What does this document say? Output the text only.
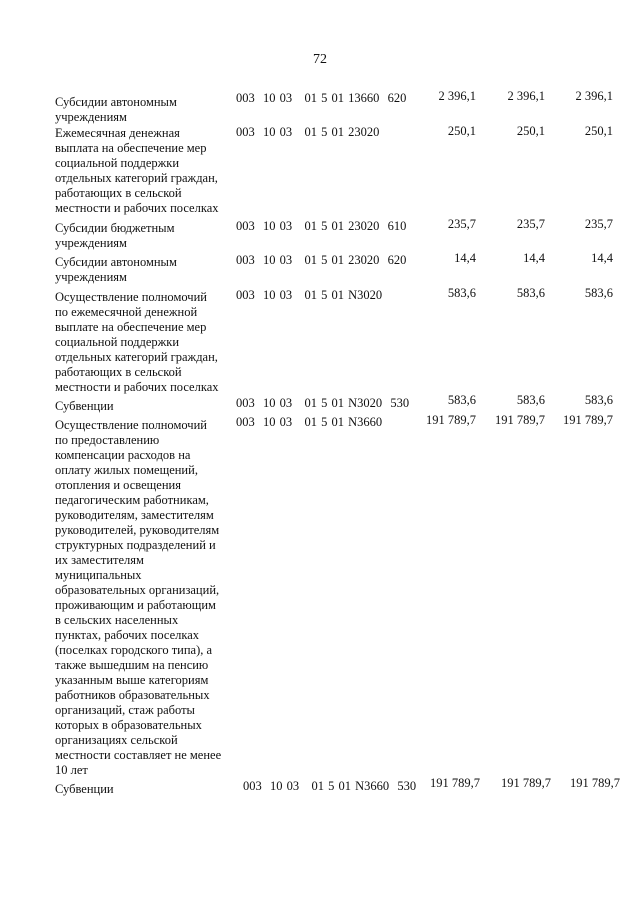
72
Субсидии автономным
учреждениям
003  10 03   01 5 01 13660  620	2 396,1	2 396,1	2 396,1
Ежемесячная денежная
выплата на обеспечение мер
социальной поддержки
отдельных категорий граждан,
работающих в сельской
местности и рабочих поселках
003  10 03   01 5 01 23020	250,1	250,1	250,1
Субсидии бюджетным
учреждениям
003  10 03   01 5 01 23020  610	235,7	235,7	235,7
Субсидии автономным
учреждениям
003  10 03   01 5 01 23020  620	14,4	14,4	14,4
Осуществление полномочий
по ежемесячной денежной
выплате на обеспечение мер
социальной поддержки
отдельных категорий граждан,
работающих в сельской
местности и рабочих поселках
003  10 03   01 5 01 N3020	583,6	583,6	583,6
Субвенции	003  10 03   01 5 01 N3020  530	583,6	583,6	583,6
Осуществление полномочий
по предоставлению
компенсации расходов на
оплату жилых помещений,
отопления и освещения
педагогическим работникам,
руководителям, заместителям
руководителей, руководителям
структурных подразделений и
их заместителям
муниципальных
образовательных организаций,
проживающим и работающим
в сельских населенных
пунктах, рабочих поселках
(поселках городского типа), а
также вышедшим на пенсию
указанным выше категориям
работников образовательных
организаций, стаж работы
которых в образовательных
организациях сельской
местности составляет не менее
10 лет
003  10 03   01 5 01 N3660	191 789,7	191 789,7	191 789,7
Субвенции	003  10 03   01 5 01 N3660  530	191 789,7	191 789,7	191 789,7
